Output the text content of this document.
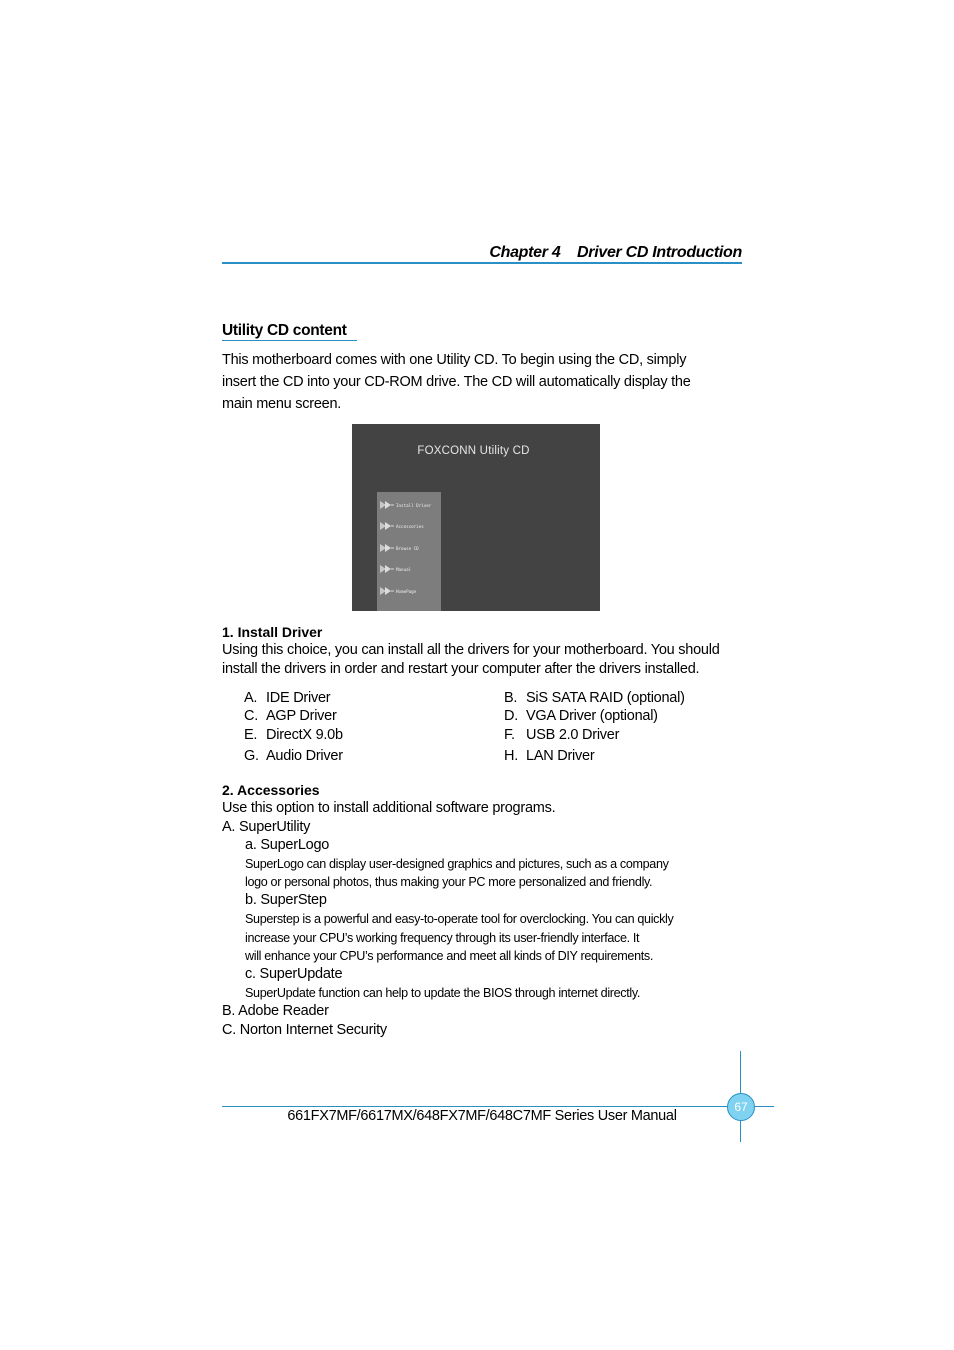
Chapter 4    Driver CD Introduction
Utility CD content
This motherboard comes with one Utility CD. To begin using the CD, simply
insert the CD into your CD-ROM drive. The CD will automatically display the
main menu screen.
FOXCONN Utility CD
Install Driver
Accessories
Browse CD
Manual
HomePage
1. Install Driver
Using this choice, you can install all the drivers for your motherboard. You should
install the drivers in order and restart your computer after the drivers installed.
A. IDE Driver	B. SiS SATA RAID (optional)
C. AGP Driver	D. VGA Driver (optional)
E. DirectX 9.0b	F. USB 2.0 Driver
G. Audio Driver	H. LAN Driver
2. Accessories
Use this option to install additional software programs.
A. SuperUtility
a. SuperLogo
SuperLogo can display user-designed graphics and pictures, such as a company
logo or personal photos, thus making your PC more personalized and friendly.
b. SuperStep
Superstep is a powerful and easy-to-operate tool for overclocking. You can quickly
increase your CPU’s working frequency through its user-friendly interface. It
will enhance your CPU’s performance and meet all kinds of DIY requirements.
c. SuperUpdate
SuperUpdate function can help to update the BIOS through internet directly.
B. Adobe Reader
C. Norton Internet Security
67
661FX7MF/6617MX/648FX7MF/648C7MF Series User Manual
